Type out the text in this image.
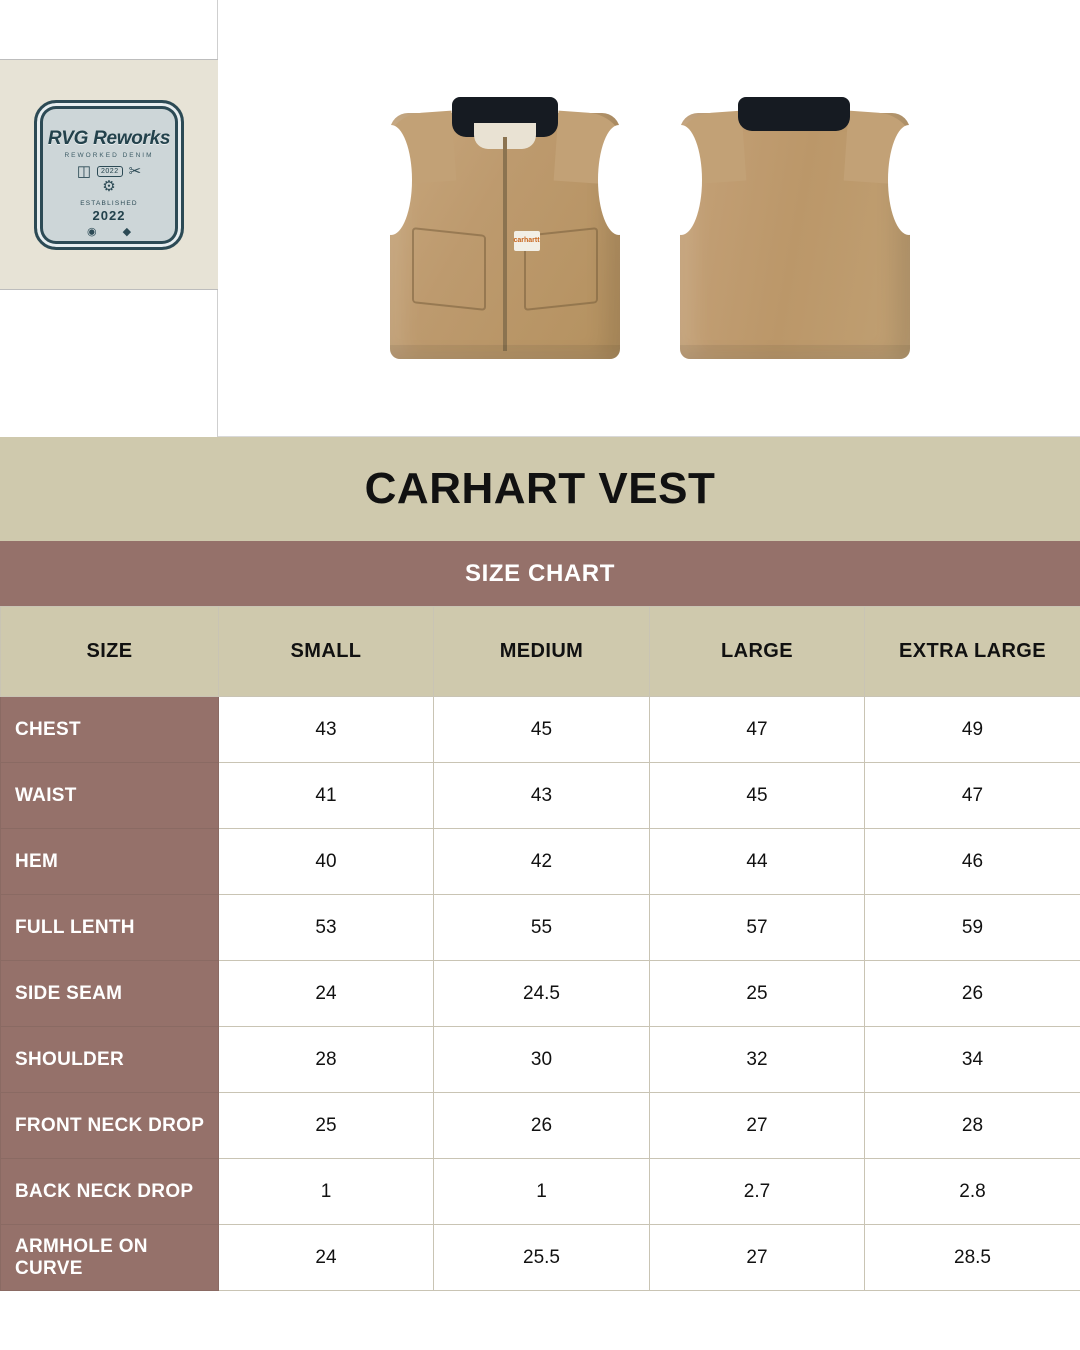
RVG Reworks
REWORKED DENIM
◫	2022 ✂
⚙
ESTABLISHED
2022
◉ ◆
carhartt
CARHART VEST
SIZE CHART
SIZE	SMALL	MEDIUM	LARGE	EXTRA LARGE
CHEST	43	45	47	49
WAIST	41	43	45	47
HEM	40	42	44	46
FULL LENTH	53	55	57	59
SIDE SEAM	24	24.5	25	26
SHOULDER	28	30	32	34
FRONT NECK DROP	25	26	27	28
BACK NECK DROP	1	1	2.7	2.8
ARMHOLE ON CURVE	24	25.5	27	28.5
